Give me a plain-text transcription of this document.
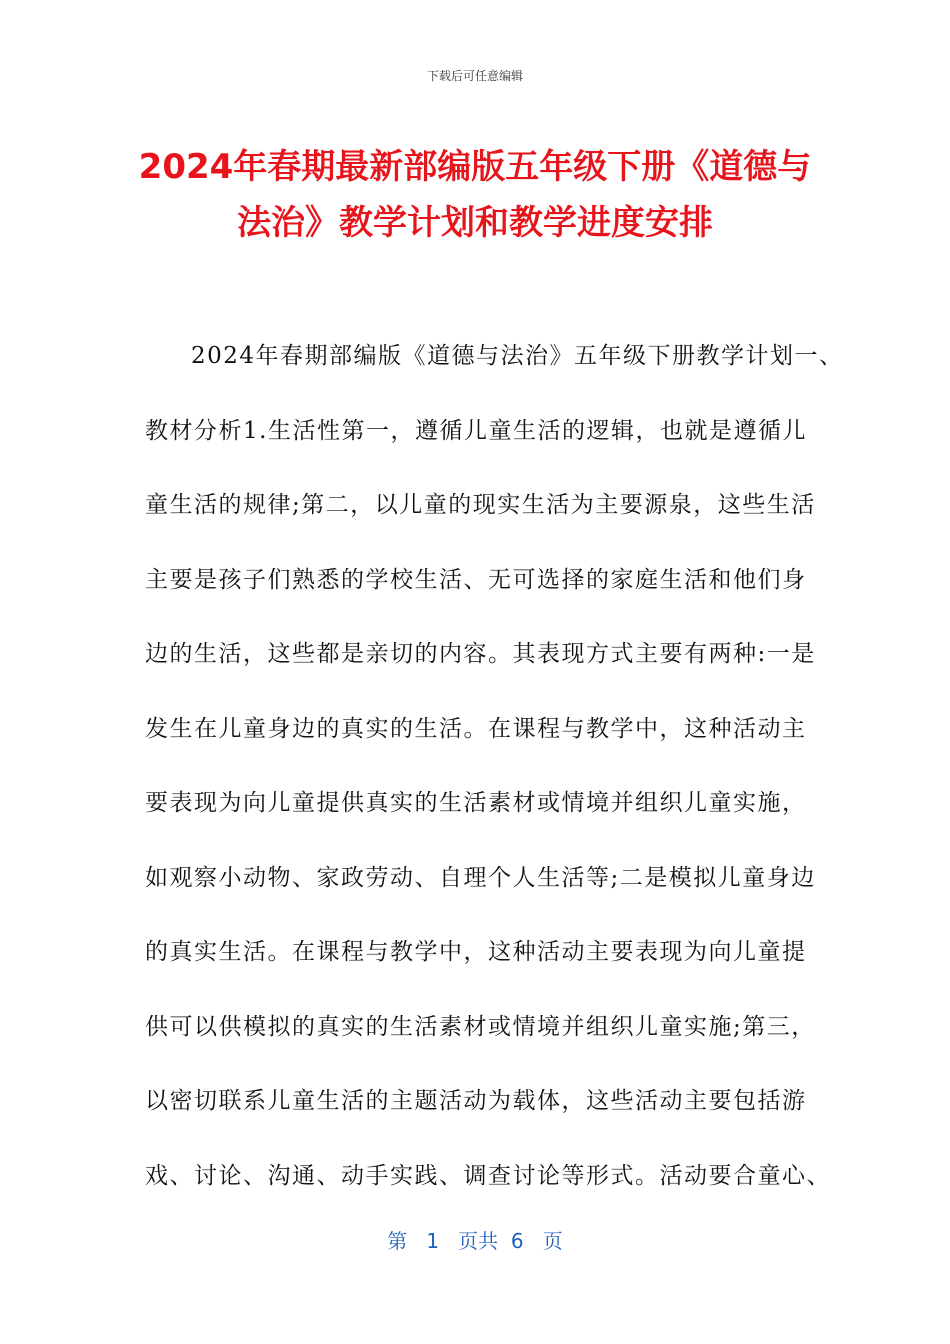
下载后可任意编辑
2024年春期最新部编版五年级下册《道德与
法治》教学计划和教学进度安排
2024年春期部编版《道德与法治》五年级下册教学计划一、
教材分析1.生活性第一，遵循儿童生活的逻辑，也就是遵循儿
童生活的规律;第二，以儿童的现实生活为主要源泉，这些生活
主要是孩子们熟悉的学校生活、无可选择的家庭生活和他们身
边的生活，这些都是亲切的内容。其表现方式主要有两种:一是
发生在儿童身边的真实的生活。在课程与教学中，这种活动主
要表现为向儿童提供真实的生活素材或情境并组织儿童实施，
如观察小动物、家政劳动、自理个人生活等;二是模拟儿童身边
的真实生活。在课程与教学中，这种活动主要表现为向儿童提
供可以供模拟的真实的生活素材或情境并组织儿童实施;第三，
以密切联系儿童生活的主题活动为载体，这些活动主要包括游
戏、讨论、沟通、动手实践、调查讨论等形式。活动要合童心、
第 1 页共 6 页
